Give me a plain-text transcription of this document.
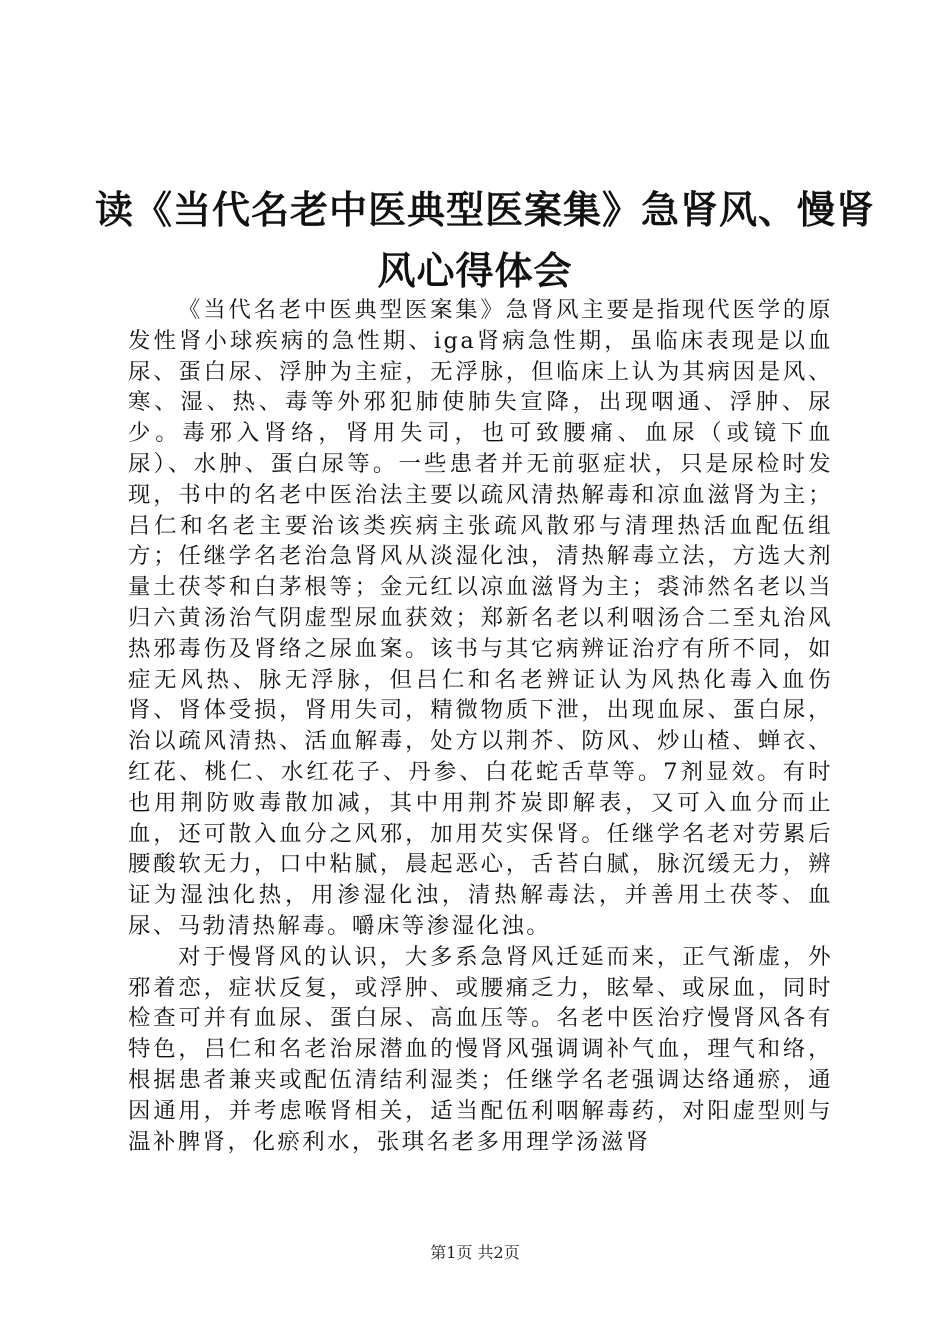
读《当代名老中医典型医案集》急肾风、慢肾
风心得体会

《当代名老中医典型医案集》急肾风主要是指现代医学的原发性肾小球疾病的急性期、iga肾病急性期，虽临床表现是以血尿、蛋白尿、浮肿为主症，无浮脉，但临床上认为其病因是风、寒、湿、热、毒等外邪犯肺使肺失宣降，出现咽通、浮肿、尿少。毒邪入肾络，肾用失司，也可致腰痛、血尿（或镜下血尿）、水肿、蛋白尿等。一些患者并无前驱症状，只是尿检时发现，书中的名老中医治法主要以疏风清热解毒和凉血滋肾为主；吕仁和名老主要治该类疾病主张疏风散邪与清理热活血配伍组方；任继学名老治急肾风从淡湿化浊，清热解毒立法，方选大剂量土茯苓和白茅根等；金元红以凉血滋肾为主；裘沛然名老以当归六黄汤治气阴虚型尿血获效；郑新名老以利咽汤合二至丸治风热邪毒伤及肾络之尿血案。该书与其它病辨证治疗有所不同，如症无风热、脉无浮脉，但吕仁和名老辨证认为风热化毒入血伤肾、肾体受损，肾用失司，精微物质下泄，出现血尿、蛋白尿，治以疏风清热、活血解毒，处方以荆芥、防风、炒山楂、蝉衣、红花、桃仁、水红花子、丹参、白花蛇舌草等。7剂显效。有时也用荆防败毒散加减，其中用荆芥炭即解表，又可入血分而止血，还可散入血分之风邪，加用芡实保肾。任继学名老对劳累后腰酸软无力，口中粘腻，晨起恶心，舌苔白腻，脉沉缓无力，辨证为湿浊化热，用渗湿化浊，清热解毒法，并善用土茯苓、血尿、马勃清热解毒。嚼床等渗湿化浊。

对于慢肾风的认识，大多系急肾风迁延而来，正气渐虚，外邪着恋，症状反复，或浮肿、或腰痛乏力，眩晕、或尿血，同时检查可并有血尿、蛋白尿、高血压等。名老中医治疗慢肾风各有特色，吕仁和名老治尿潜血的慢肾风强调调补气血，理气和络，根据患者兼夹或配伍清结利湿类；任继学名老强调达络通瘀，通因通用，并考虑喉肾相关，适当配伍利咽解毒药，对阳虚型则与温补脾肾，化瘀利水，张琪名老多用理学汤滋肾

第1页 共2页
